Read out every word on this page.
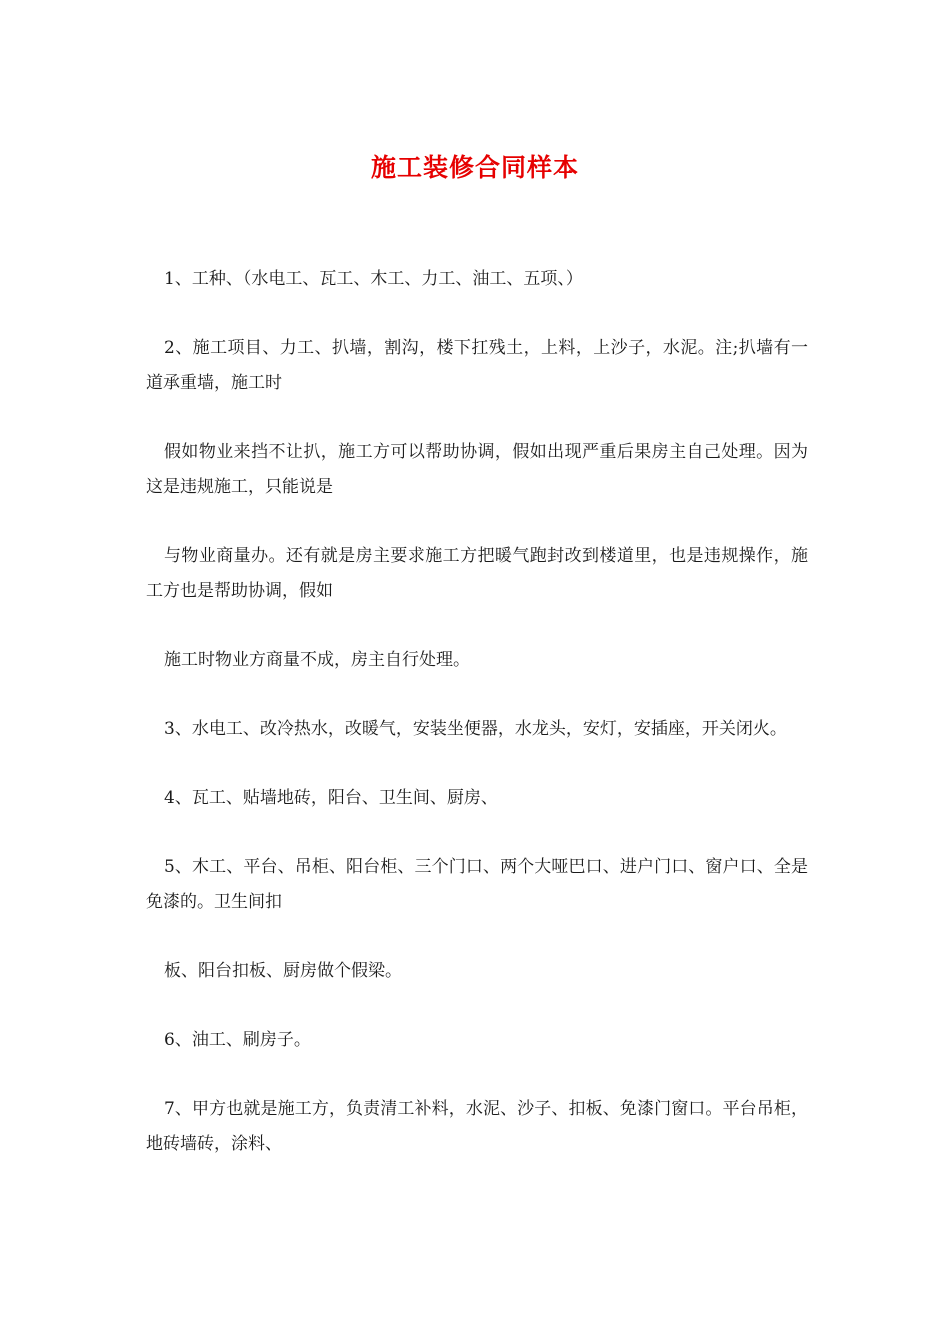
施工装修合同样本

1、工种、（水电工、瓦工、木工、力工、油工、五项、）

2、施工项目、力工、扒墙，割沟，楼下扛残土，上料，上沙子，水泥。注;扒墙有一道承重墙，施工时

假如物业来挡不让扒，施工方可以帮助协调，假如出现严重后果房主自己处理。因为这是违规施工，只能说是

与物业商量办。还有就是房主要求施工方把暖气跑封改到楼道里，也是违规操作，施工方也是帮助协调，假如

施工时物业方商量不成，房主自行处理。

3、水电工、改冷热水，改暖气，安装坐便器，水龙头，安灯，安插座，开关闭火。

4、瓦工、贴墙地砖，阳台、卫生间、厨房、

5、木工、平台、吊柜、阳台柜、三个门口、两个大哑巴口、进户门口、窗户口、全是免漆的。卫生间扣

板、阳台扣板、厨房做个假梁。

6、油工、刷房子。

7、甲方也就是施工方，负责清工补料，水泥、沙子、扣板、免漆门窗口。平台吊柜，地砖墙砖，涂料、
